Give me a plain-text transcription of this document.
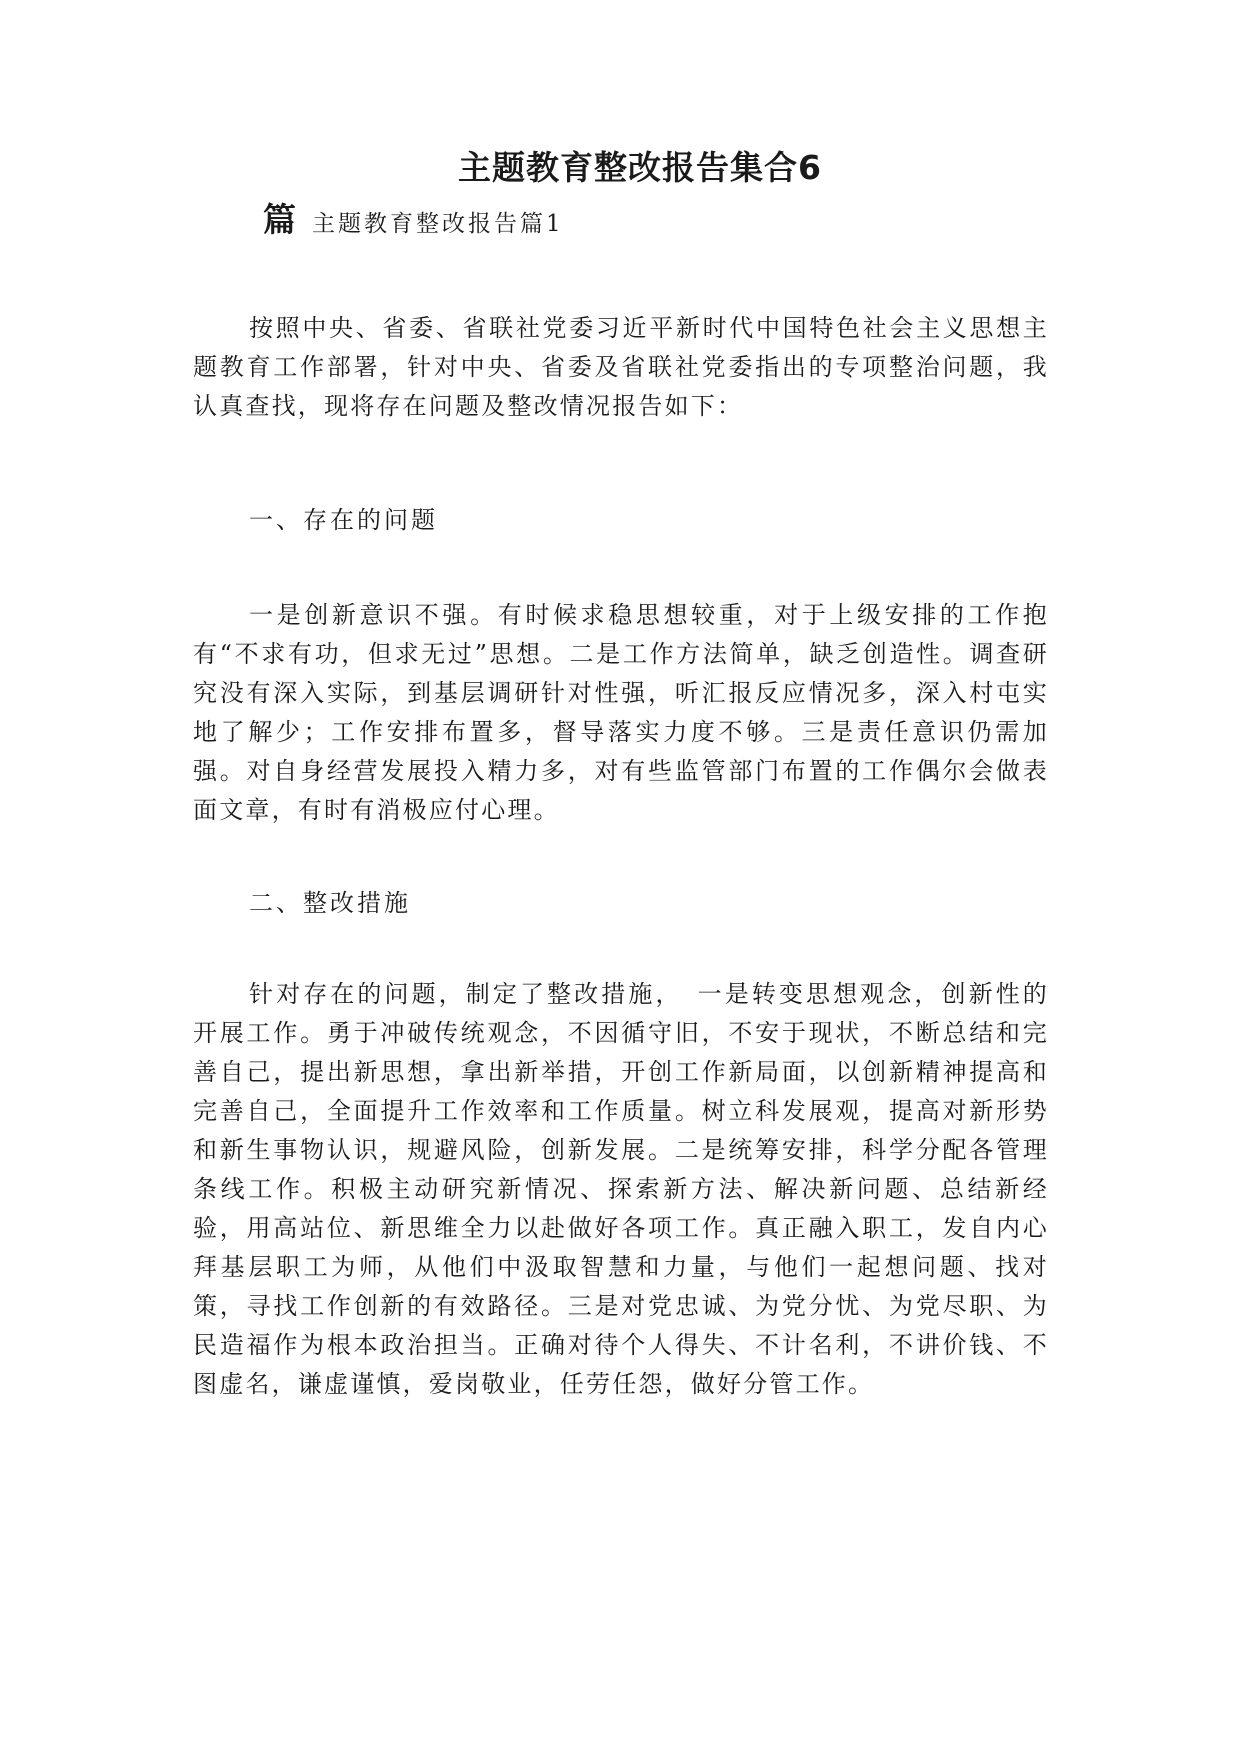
主题教育整改报告集合6
篇 主题教育整改报告篇1

按照中央、省委、省联社党委习近平新时代中国特色社会主义思想主题教育工作部署，针对中央、省委及省联社党委指出的专项整治问题，我认真查找，现将存在问题及整改情况报告如下：

一、存在的问题

一是创新意识不强。有时候求稳思想较重，对于上级安排的工作抱有“不求有功，但求无过”思想。二是工作方法简单，缺乏创造性。调查研究没有深入实际，到基层调研针对性强，听汇报反应情况多，深入村屯实地了解少；工作安排布置多，督导落实力度不够。三是责任意识仍需加强。对自身经营发展投入精力多，对有些监管部门布置的工作偶尔会做表面文章，有时有消极应付心理。

二、整改措施

针对存在的问题，制定了整改措施，　一是转变思想观念，创新性的开展工作。勇于冲破传统观念，不因循守旧，不安于现状，不断总结和完善自己，提出新思想，拿出新举措，开创工作新局面，以创新精神提高和完善自己，全面提升工作效率和工作质量。树立科发展观，提高对新形势和新生事物认识，规避风险，创新发展。二是统筹安排，科学分配各管理条线工作。积极主动研究新情况、探索新方法、解决新问题、总结新经验，用高站位、新思维全力以赴做好各项工作。真正融入职工，发自内心拜基层职工为师，从他们中汲取智慧和力量，与他们一起想问题、找对策，寻找工作创新的有效路径。三是对党忠诚、为党分忧、为党尽职、为民造福作为根本政治担当。正确对待个人得失、不计名利，不讲价钱、不图虚名，谦虚谨慎，爱岗敬业，任劳任怨，做好分管工作。
